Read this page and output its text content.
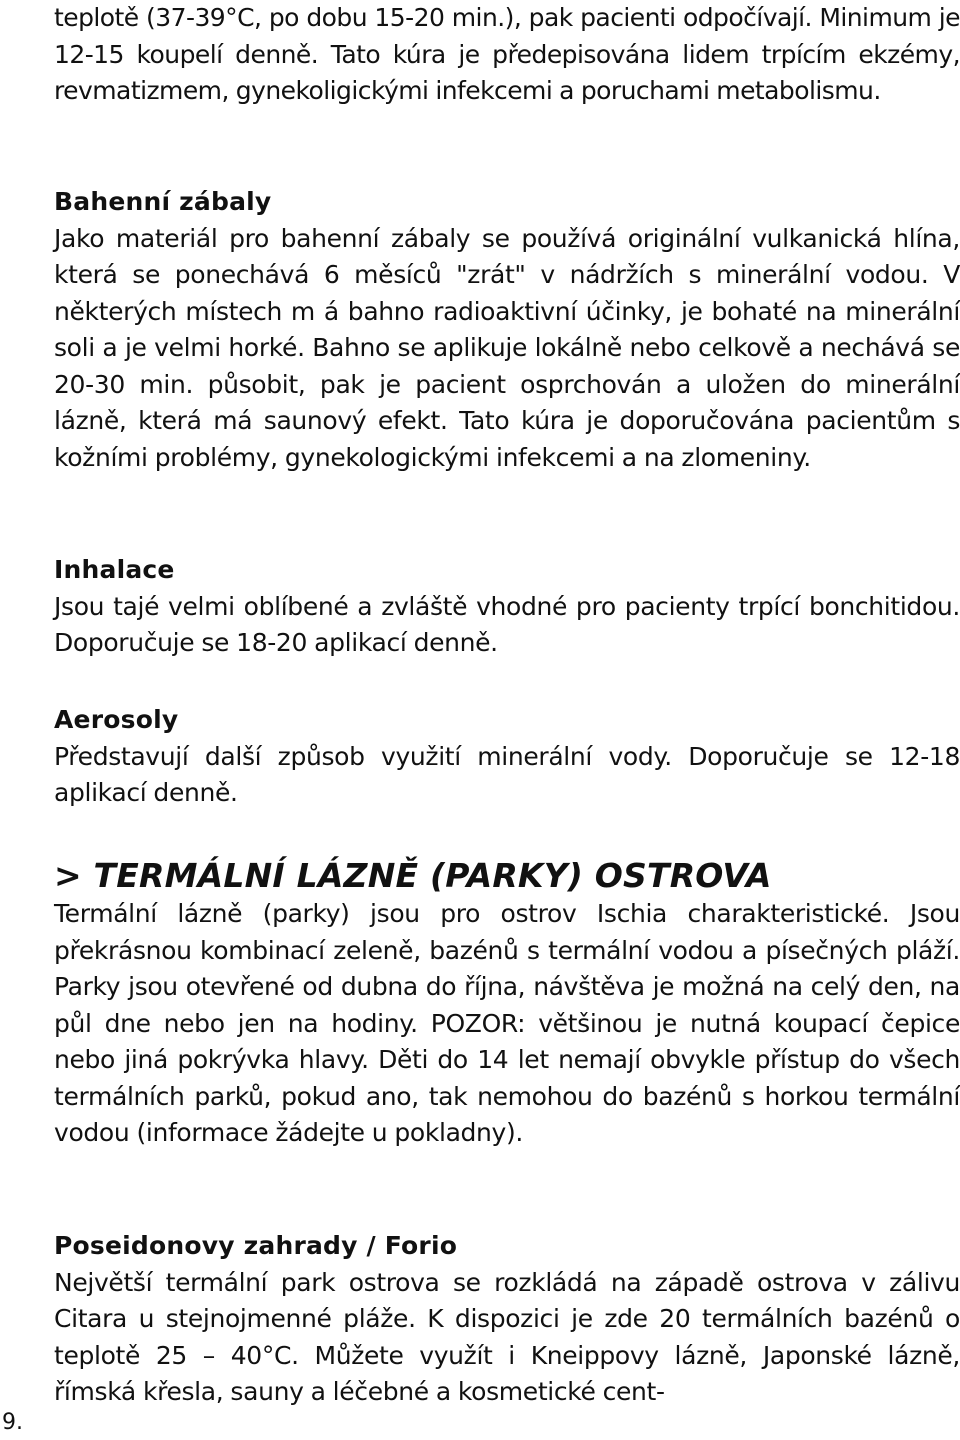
teplotě (37-39°C, po dobu 15-20 min.), pak pacienti odpočívají. Minimum je 12-15 koupelí denně. Tato kúra je předepisována lidem trpícím ekzémy, revmatizmem, gynekoligickými infekcemi a poruchami metabolismu.

Bahenní zábaly

Jako materiál pro bahenní zábaly se používá originální vulkanická hlína, která se ponechává 6 měsíců "zrát" v nádržích s minerální vodou. V některých místech m á bahno radioaktivní účinky, je bohaté na minerální soli a je velmi horké. Bahno se aplikuje lokálně nebo celkově a nechává se 20-30 min. působit, pak je pacient osprchován a uložen do minerální lázně, která má saunový efekt. Tato kúra je doporučována pacientům s kožními problémy, gynekologickými infekcemi a na zlomeniny.

Inhalace

Jsou tajé velmi oblíbené a zvláště vhodné pro pacienty trpící bonchitidou. Doporučuje se 18-20 aplikací denně.

Aerosoly

Představují další způsob využití minerální vody. Doporučuje se 12-18 aplikací denně.

> TERMÁLNÍ LÁZNĚ (PARKY) OSTROVA

Termální lázně (parky) jsou pro ostrov Ischia charakteristické. Jsou překrásnou kombinací zeleně, bazénů s termální vodou a písečných pláží. Parky jsou otevřené od dubna do října, návštěva je možná na celý den, na půl dne nebo jen na hodiny. POZOR: většinou je nutná koupací čepice nebo jiná pokrývka hlavy. Děti do 14 let nemají obvykle přístup do všech termálních parků, pokud ano, tak nemohou do bazénů s horkou termální vodou (informace žádejte u pokladny).

Poseidonovy zahrady / Forio

Největší termální park ostrova se rozkládá na západě ostrova v zálivu Citara u stejnojmenné pláže. K dispozici je zde 20 termálních bazénů o teplotě 25 – 40°C. Můžete využít i Kneippovy lázně, Japonské lázně, římská křesla, sauny a léčebné a kosmetické cent-

9.
